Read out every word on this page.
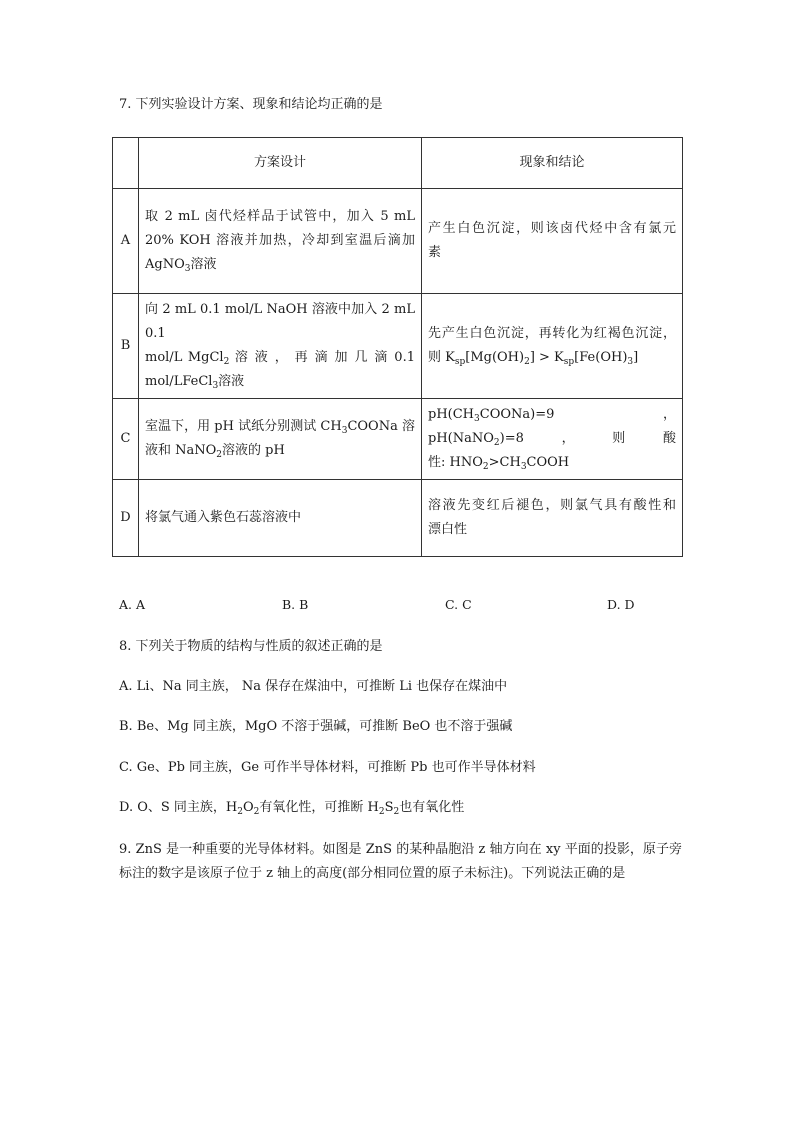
7. 下列实验设计方案、现象和结论均正确的是
	方案设计	现象和结论
A	取 2 mL 卤代烃样品于试管中，加入 5 mL
20% KOH 溶液并加热，冷却到室温后滴加
AgNO$_3$溶液	产生白色沉淀，则该卤代烃中含有氯元
素
B	向 2 mL 0.1 mol/L NaOH 溶液中加入 2 mL 0.1
mol/L MgCl$_2$ 溶 液 ， 再 滴 加 几 滴 0.1
mol/LFeCl$_3$溶液	先产生白色沉淀，再转化为红褐色沉淀，
则 $K_{sp}[Mg(OH)_2] > K_{sp}[Fe(OH)_3]$
C	室温下，用 pH 试纸分别测试 $CH_3COONa$ 溶
液和 NaNO$_2$溶液的 pH	$pH(CH_3COONa)=9$，pH(NaNO$_2$)=8，则酸
性: $HNO_2>CH_3COOH$
D	将氯气通入紫色石蕊溶液中	溶液先变红后褪色，则氯气具有酸性和
漂白性
A. A	B. B	C. C	D. D
8. 下列关于物质的结构与性质的叙述正确的是
A. Li、Na 同主族， Na 保存在煤油中，可推断 Li 也保存在煤油中
B. Be、Mg 同主族，MgO 不溶于强碱，可推断 BeO 也不溶于强碱
C. Ge、Pb 同主族，Ge 可作半导体材料，可推断 Pb 也可作半导体材料
D. O、S 同主族，$H_2O_2$有氧化性，可推断 $H_2S_2$也有氧化性
9. ZnS 是一种重要的光导体材料。如图是 ZnS 的某种晶胞沿 z 轴方向在 xy 平面的投影，原子旁标注的数字是该原子位于 z 轴上的高度(部分相同位置的原子未标注)。下列说法正确的是
